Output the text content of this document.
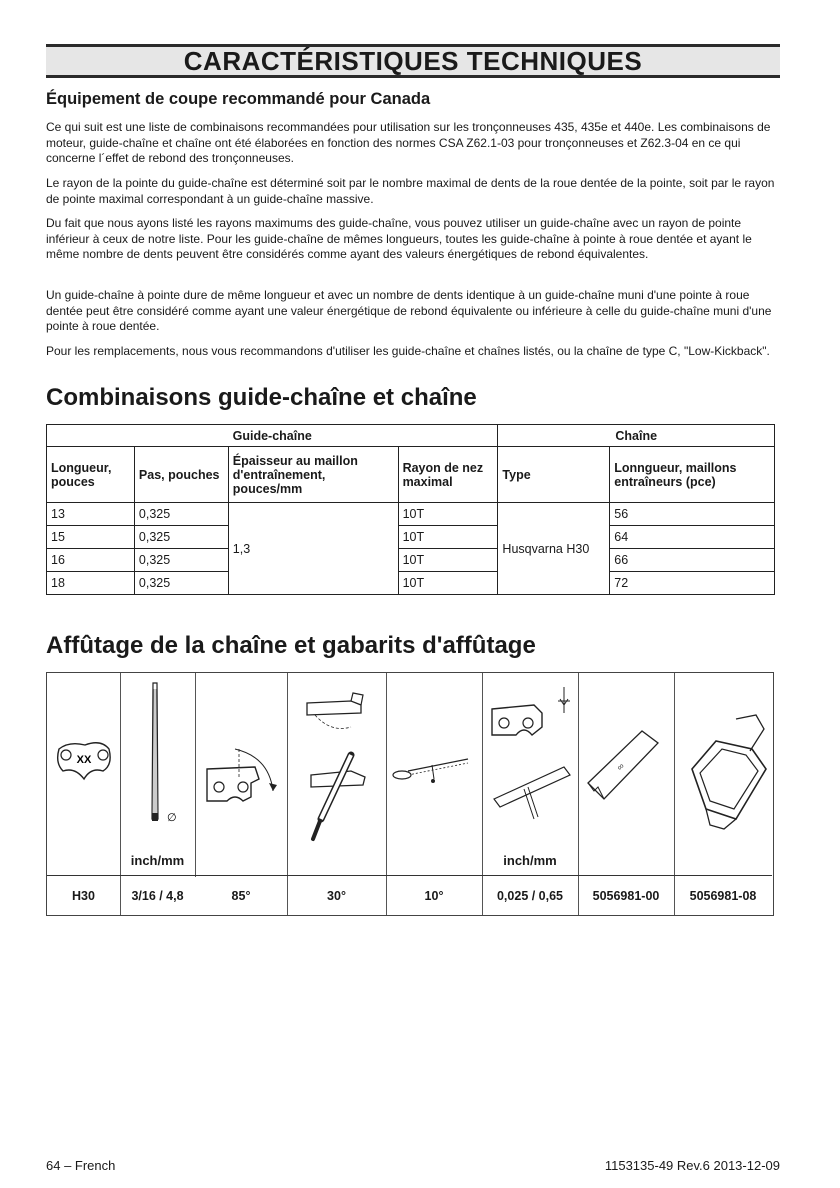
CARACTÉRISTIQUES TECHNIQUES
Équipement de coupe recommandé pour Canada

Ce qui suit est une liste de combinaisons recommandées pour utilisation sur les tronçonneuses 435, 435e et 440e. Les combinaisons de moteur, guide-chaîne et chaîne ont été élaborées en fonction des normes CSA Z62.1-03 pour tronçonneuses et Z62.3-04 en ce qui concerne l´effet de rebond des tronçonneuses.

Le rayon de la pointe du guide-chaîne est déterminé soit par le nombre maximal de dents de la roue dentée de la pointe, soit par le rayon de pointe maximal correspondant à un guide-chaîne massive.

Du fait que nous ayons listé les rayons maximums des guide-chaîne, vous pouvez utiliser un guide-chaîne avec un rayon de pointe inférieur à ceux de notre liste. Pour les guide-chaîne de mêmes longueurs, toutes les guide-chaîne à pointe à roue dentée et ayant le même nombre de dents peuvent être considérés comme ayant des valeurs énergétiques de rebond équivalentes.

Un guide-chaîne à pointe dure de même longueur et avec un nombre de dents identique à un guide-chaîne muni d'une pointe à roue dentée peut être considéré comme ayant une valeur énergétique de rebond équivalente ou inférieure à celle du guide-chaîne muni d'une pointe à roue dentée.

Pour les remplacements, nous vous recommandons d'utiliser les guide-chaîne et chaînes listés, ou la chaîne de type C, "Low-Kickback".

Combinaisons guide-chaîne et chaîne
Guide-chaîne				Chaîne	
Longueur, pouces	Pas, pouches	Épaisseur au maillon d'entraînement, pouces/mm	Rayon de nez maximal	Type	Lonngueur, maillons entraîneurs (pce)
13	0,325	1,3	10T	Husqvarna H30	56
15	0,325		10T		64
16	0,325		10T		66
18	0,325		10T		72
Affûtage de la chaîne et gabarits d'affûtage
XX
∅
∞
inch/mm	inch/mm
H30	3/16 / 4,8	85°	30°	10°	0,025 / 0,65	5056981-00	5056981-08
64 – French	1153135-49 Rev.6 2013-12-09
